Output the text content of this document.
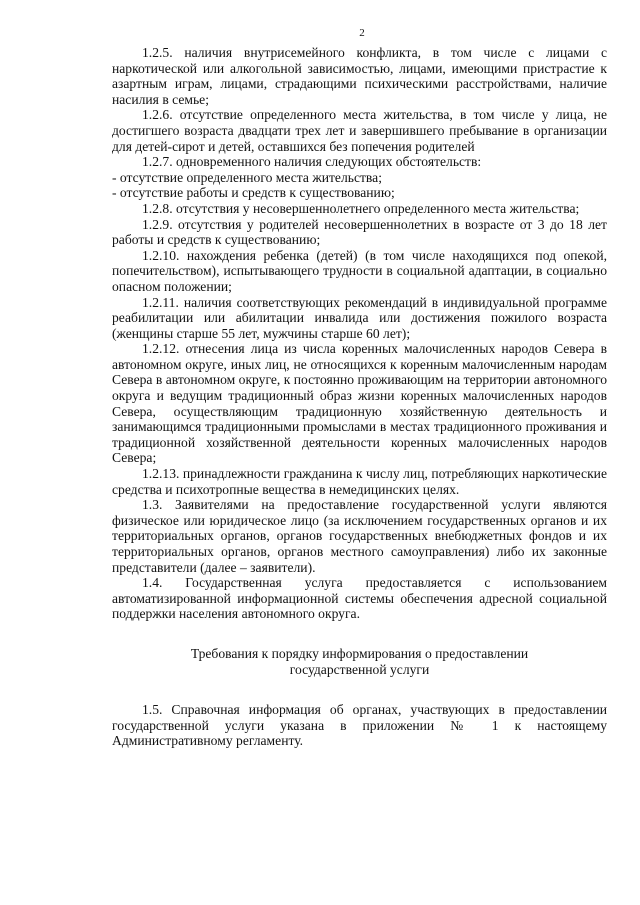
2

1.2.5. наличия внутрисемейного конфликта, в том числе с лицами с наркотической или алкогольной зависимостью, лицами, имеющими пристрастие к азартным играм, лицами, страдающими психическими расстройствами, наличие насилия в семье;

1.2.6. отсутствие определенного места жительства, в том числе у лица, не достигшего возраста двадцати трех лет и завершившего пребывание в организации для детей-сирот и детей, оставшихся без попечения родителей

1.2.7. одновременного наличия следующих обстоятельств:

- отсутствие определенного места жительства;

- отсутствие работы и средств к существованию;

1.2.8. отсутствия у несовершеннолетнего определенного места жительства;

1.2.9. отсутствия у родителей несовершеннолетних в возрасте от 3 до 18 лет работы и средств к существованию;

1.2.10. нахождения ребенка (детей) (в том числе находящихся под опекой, попечительством), испытывающего трудности в социальной адаптации, в социально опасном положении;

1.2.11. наличия соответствующих рекомендаций в индивидуальной программе реабилитации или абилитации инвалида или достижения пожилого возраста (женщины старше 55 лет, мужчины старше 60 лет);

1.2.12. отнесения лица из числа коренных малочисленных народов Севера в автономном округе, иных лиц, не относящихся к коренным малочисленным народам Севера в автономном округе, к постоянно проживающим на территории автономного округа и ведущим традиционный образ жизни коренных малочисленных народов Севера, осуществляющим традиционную хозяйственную деятельность и занимающимся традиционными промыслами в местах традиционного проживания и традиционной хозяйственной деятельности коренных малочисленных народов Севера;

1.2.13. принадлежности гражданина к числу лиц, потребляющих наркотические средства и психотропные вещества в немедицинских целях.

1.3. Заявителями на предоставление государственной услуги являются физическое или юридическое лицо (за исключением государственных органов и их территориальных органов, органов государственных внебюджетных фондов и их территориальных органов, органов местного самоуправления) либо их законные представители (далее – заявители).

1.4. Государственная услуга предоставляется с использованием автоматизированной информационной системы обеспечения адресной социальной поддержки населения автономного округа.

Требования к порядку информирования о предоставлении
государственной услуги

1.5. Справочная информация об органах, участвующих в предоставлении государственной услуги указана в приложении № 1 к настоящему Административному регламенту.
